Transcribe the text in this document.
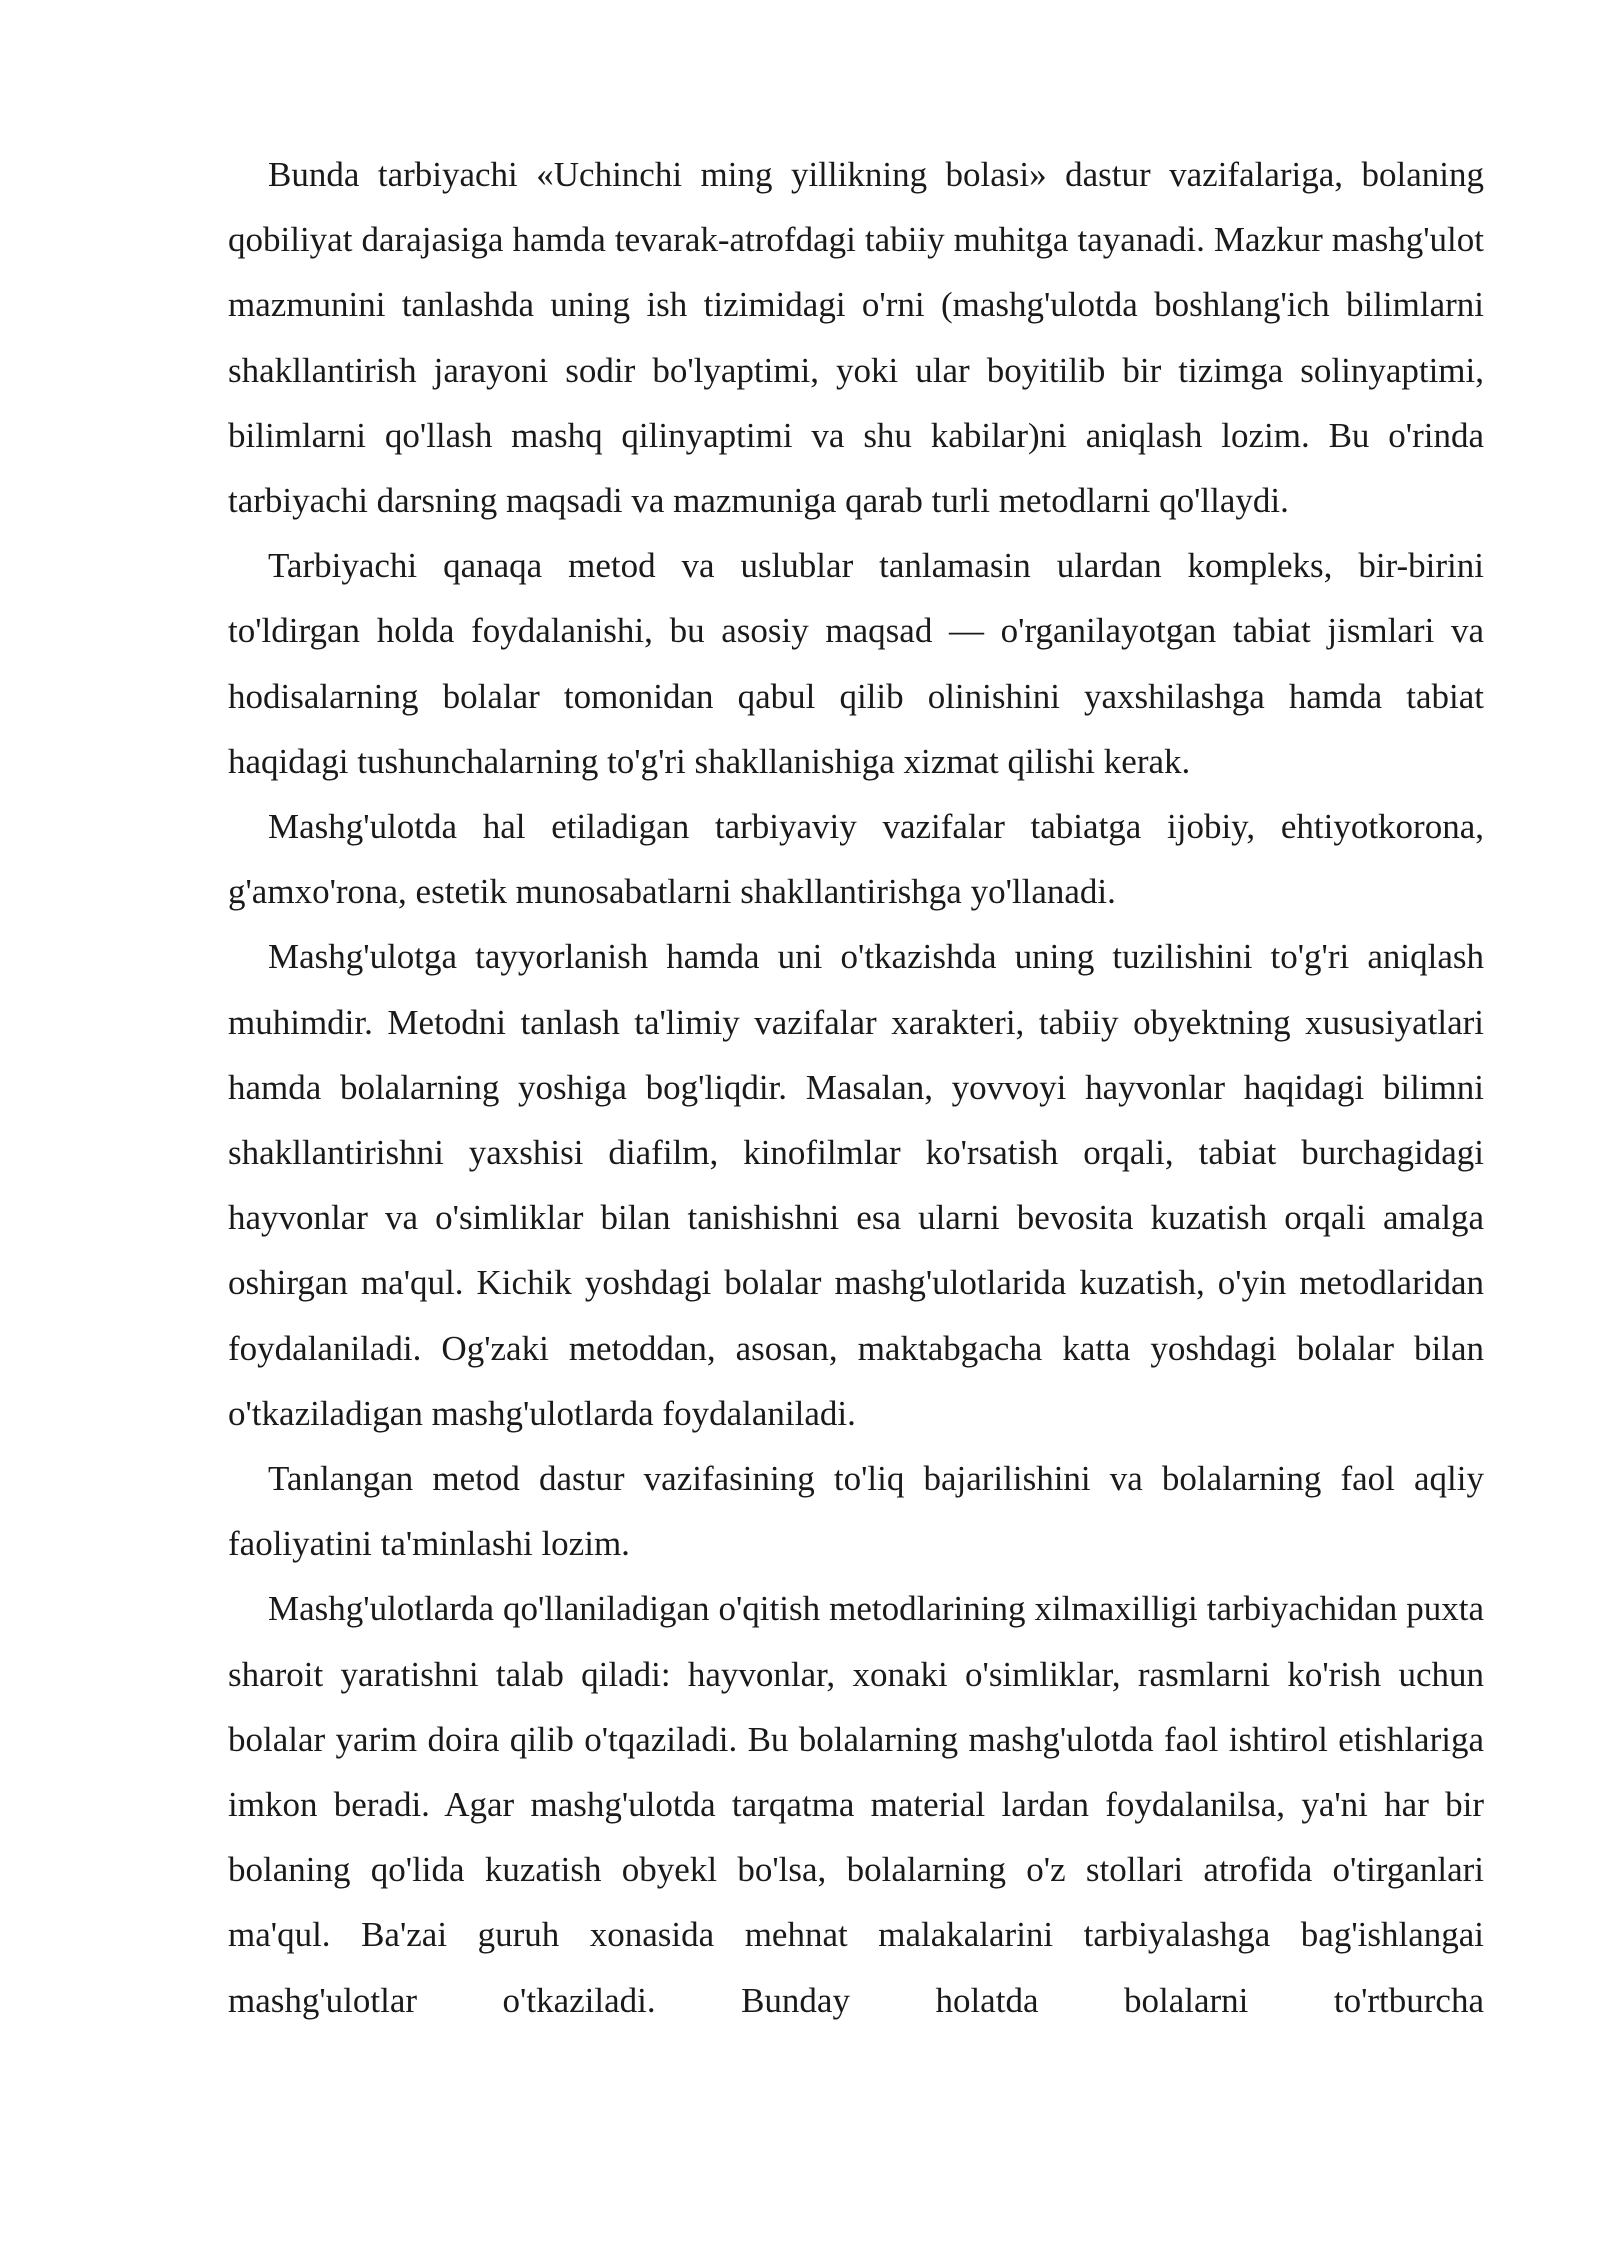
Bunda tarbiyachi «Uchinchi ming yillikning bolasi» dastur vazifalariga, bolaning qobiliyat darajasiga hamda tevarak-atrofdagi tabiiy muhitga tayanadi. Mazkur mashg'ulot mazmunini tanlashda uning ish tizimidagi o'rni (mashg'ulotda boshlang'ich bilimlarni shakllantirish jarayoni sodir bo'lyaptimi, yoki ular boyitilib bir tizimga solinyaptimi, bilimlarni qo'llash mashq qilinyaptimi va shu kabilar)ni aniqlash lozim. Bu o'rinda tarbiyachi darsning maqsadi va mazmuniga qarab turli metodlarni qo'llaydi.

Tarbiyachi qanaqa metod va uslublar tanlamasin ulardan kompleks, bir-birini to'ldirgan holda foydalanishi, bu asosiy maqsad — o'rganilayotgan tabiat jismlari va hodisalarning bolalar tomonidan qabul qilib olinishini yaxshilashga hamda tabiat haqidagi tushunchalarning to'g'ri shakllanishiga xizmat qilishi kerak.

Mashg'ulotda hal etiladigan tarbiyaviy vazifalar tabiatga ijobiy, ehtiyotkorona, g'amxo'rona, estetik munosabatlarni shakllantirishga yo'llanadi.

Mashg'ulotga tayyorlanish hamda uni o'tkazishda uning tuzilishini to'g'ri aniqlash muhimdir. Metodni tanlash ta'limiy vazifalar xarakteri, tabiiy obyektning xususiyatlari hamda bolalarning yoshiga bog'liqdir. Masalan, yovvoyi hayvonlar haqidagi bilimni shakllantirishni yaxshisi diafilm, kinofilmlar ko'rsatish orqali, tabiat burchagidagi hayvonlar va o'simliklar bilan tanishishni esa ularni bevosita kuzatish orqali amalga oshirgan ma'qul. Kichik yoshdagi bolalar mashg'ulotlarida kuzatish, o'yin metodlaridan foydalaniladi. Og'zaki metoddan, asosan, maktabgacha katta yoshdagi bolalar bilan o'tkaziladigan mashg'ulotlarda foydalaniladi.

Tanlangan metod dastur vazifasining to'liq bajarilishini va bolalarning faol aqliy faoliyatini ta'minlashi lozim.

Mashg'ulotlarda qo'llaniladigan o'qitish metodlarining xilmaxilligi tarbiyachidan puxta sharoit yaratishni talab qiladi: hayvonlar, xonaki o'simliklar, rasmlarni ko'rish uchun bolalar yarim doira qilib o'tqaziladi. Bu bolalarning mashg'ulotda faol ishtirol etishlariga imkon beradi. Agar mashg'ulotda tarqatma material lardan foydalanilsa, ya'ni har bir bolaning qo'lida kuzatish obyekl bo'lsa, bolalarning o'z stollari atrofida o'tirganlari ma'qul. Ba'zai guruh xonasida mehnat malakalarini tarbiyalashga bag'ishlangai mashg'ulotlar o'tkaziladi. Bunday holatda bolalarni to'rtburcha
